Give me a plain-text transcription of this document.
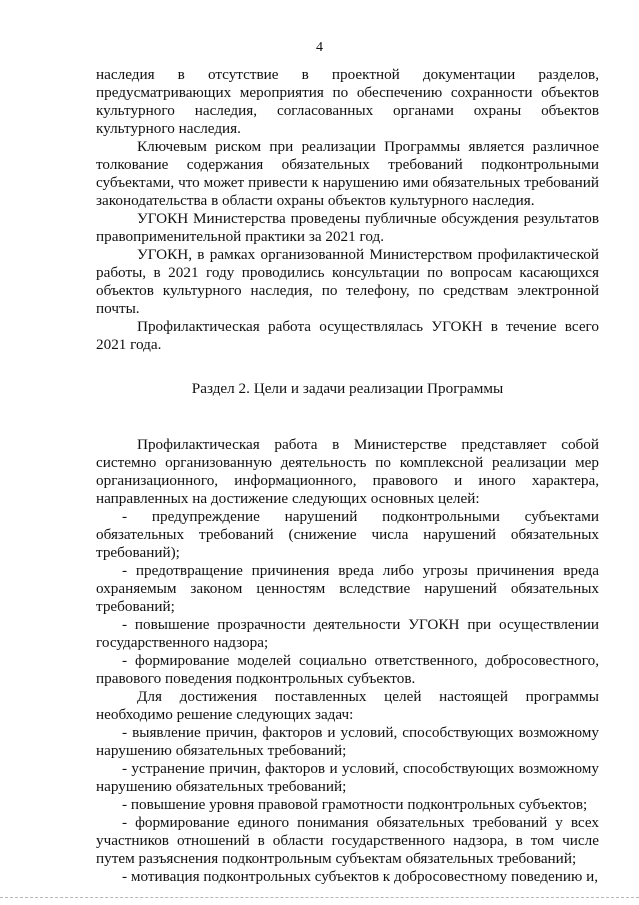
4

наследия в отсутствие в проектной документации разделов, предусматривающих мероприятия по обеспечению сохранности объектов культурного наследия, согласованных органами охраны объектов культурного наследия.

Ключевым риском при реализации Программы является различное толкование содержания обязательных требований подконтрольными субъектами, что может привести к нарушению ими обязательных требований законодательства в области охраны объектов культурного наследия.

УГОКН Министерства проведены публичные обсуждения результатов правоприменительной практики за 2021 год.

УГОКН, в рамках организованной Министерством профилактической работы, в 2021 году проводились консультации по вопросам касающихся объектов культурного наследия, по телефону, по средствам электронной почты.

Профилактическая работа осуществлялась УГОКН в течение всего 2021 года.

Раздел 2. Цели и задачи реализации Программы

Профилактическая работа в Министерстве представляет собой системно организованную деятельность по комплексной реализации мер организационного, информационного, правового и иного характера, направленных на достижение следующих основных целей:

- предупреждение нарушений подконтрольными субъектами обязательных требований (снижение числа нарушений обязательных требований);

- предотвращение причинения вреда либо угрозы причинения вреда охраняемым законом ценностям вследствие нарушений обязательных требований;

- повышение прозрачности деятельности УГОКН при осуществлении государственного надзора;

- формирование моделей социально ответственного, добросовестного, правового поведения подконтрольных субъектов.

Для достижения поставленных целей настоящей программы необходимо решение следующих задач:

- выявление причин, факторов и условий, способствующих возможному нарушению обязательных требований;

- устранение причин, факторов и условий, способствующих возможному нарушению обязательных требований;

- повышение уровня правовой грамотности подконтрольных субъектов;

- формирование единого понимания обязательных требований у всех участников отношений в области государственного надзора, в том числе путем разъяснения подконтрольным субъектам обязательных требований;

- мотивация подконтрольных субъектов к добросовестному поведению и,
